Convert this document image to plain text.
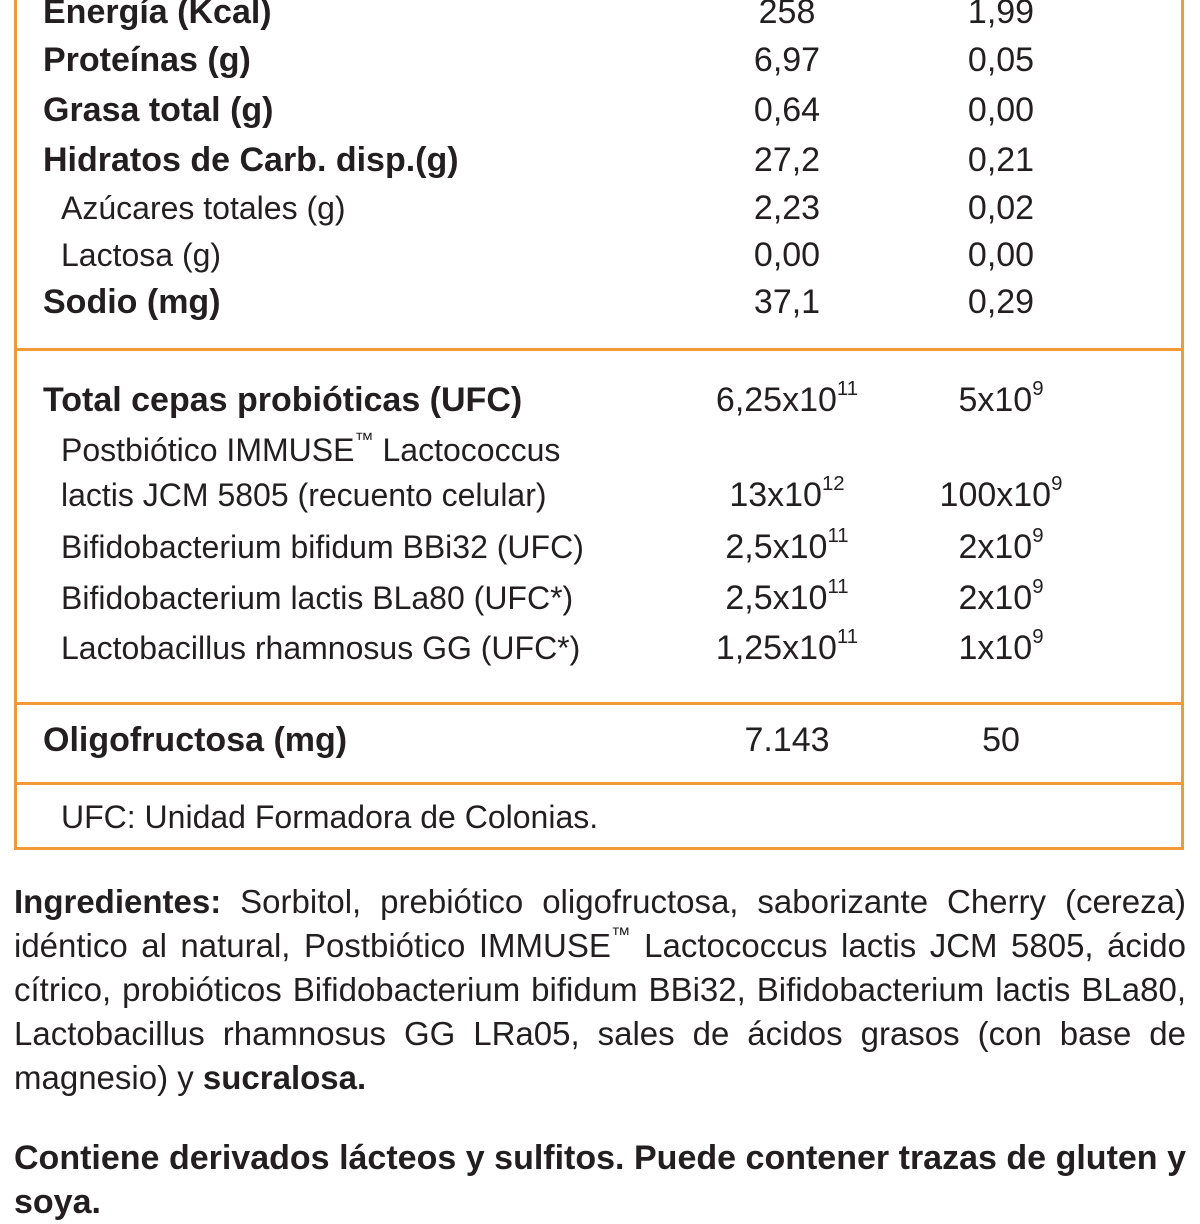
Energía (Kcal)	258	1,99
Proteínas (g)	6,97	0,05
Grasa total (g)	0,64	0,00
Hidratos de Carb. disp.(g)	27,2	0,21
Azúcares totales (g)	2,23	0,02
Lactosa (g)	0,00	0,00
Sodio (mg)	37,1	0,29
Total cepas probióticas (UFC)	$6,25x10^{11}$	$5x10^9$
Postbiótico IMMUSE™ Lactococcus
lactis JCM 5805 (recuento celular)	$13x10^{12}$	$100x10^9$
Bifidobacterium bifidum BBi32 (UFC)	$2,5x10^{11}$	$2x10^9$
Bifidobacterium lactis BLa80 (UFC*)	$2,5x10^{11}$	$2x10^9$
Lactobacillus rhamnosus GG (UFC*)	$1,25x10^{11}$	$1x10^9$
Oligofructosa (mg)	7.143	50
UFC: Unidad Formadora de Colonias.
Ingredientes: Sorbitol, prebiótico oligofructosa, saborizante Cherry (cereza) idéntico al natural, Postbiótico IMMUSE™ Lactococcus lactis JCM 5805, ácido cítrico, probióticos Bifidobacterium bifidum BBi32, Bifidobacterium lactis BLa80, Lactobacillus rhamnosus GG LRa05, sales de ácidos grasos (con base de magnesio) y sucralosa.
Contiene derivados lácteos y sulfitos. Puede contener trazas de gluten y soya.
